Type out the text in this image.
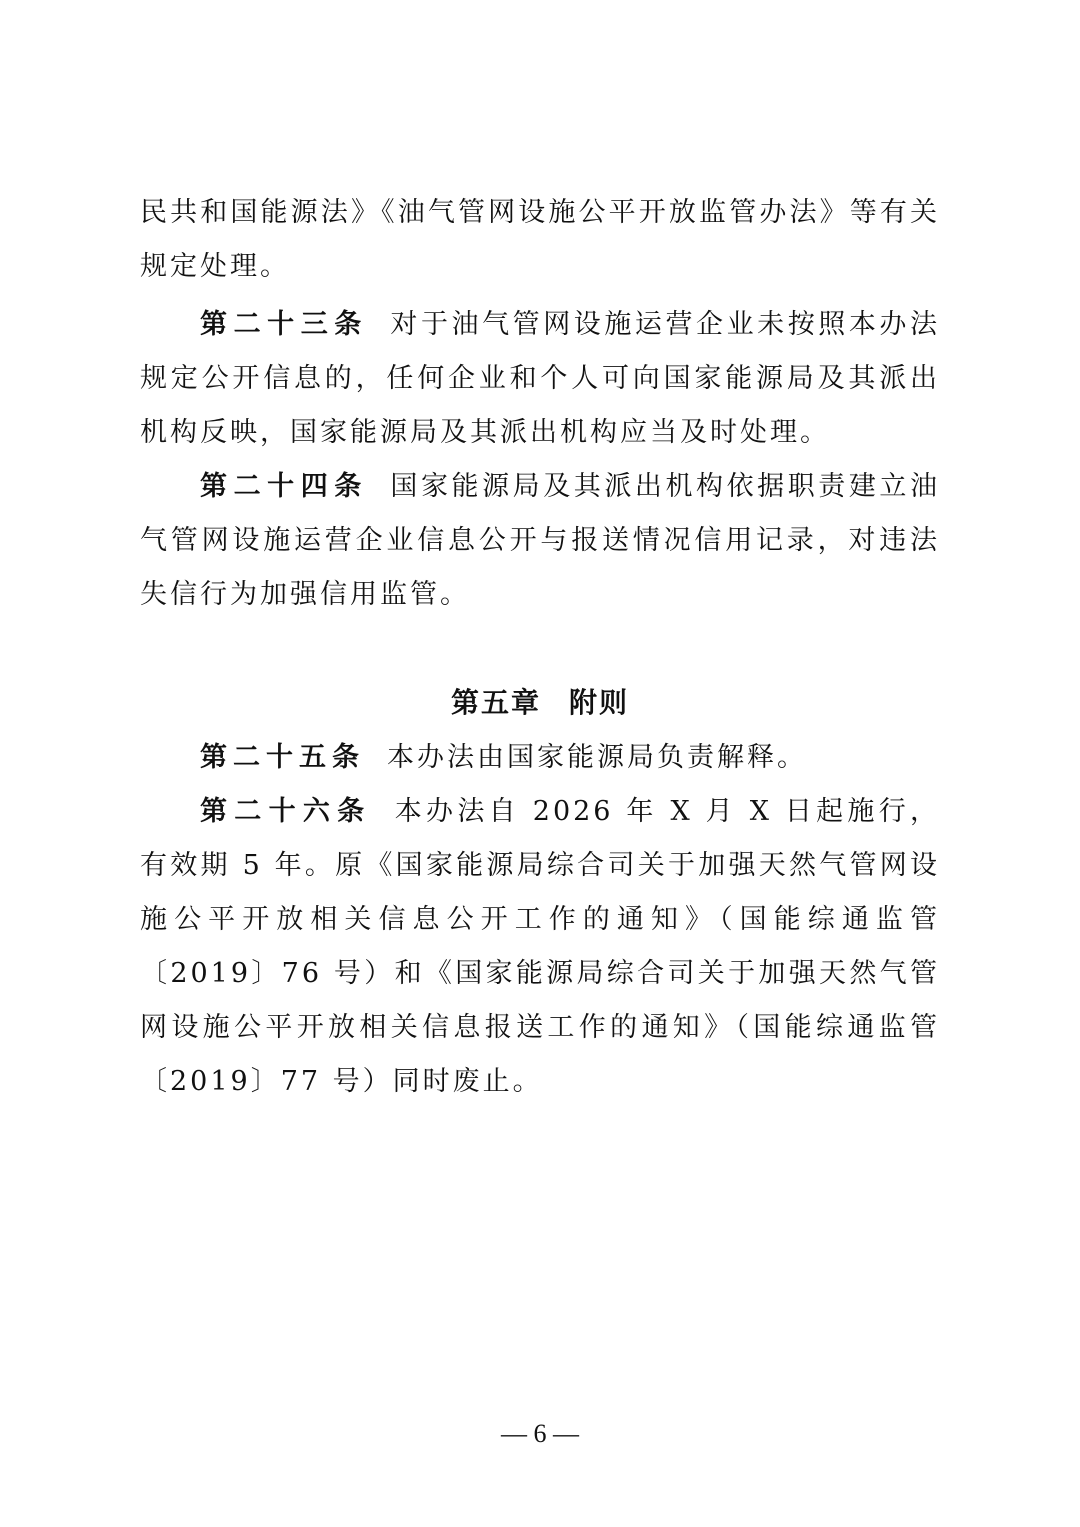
民共和国能源法》《油气管网设施公平开放监管办法》等有关规定处理。

第二十三条 对于油气管网设施运营企业未按照本办法规定公开信息的，任何企业和个人可向国家能源局及其派出机构反映，国家能源局及其派出机构应当及时处理。

第二十四条 国家能源局及其派出机构依据职责建立油气管网设施运营企业信息公开与报送情况信用记录，对违法失信行为加强信用监管。

第五章 附则

第二十五条 本办法由国家能源局负责解释。

第二十六条 本办法自 2026 年 X 月 X 日起施行，有效期 5 年。原《国家能源局综合司关于加强天然气管网设施公平开放相关信息公开工作的通知》（国能综通监管〔2019〕76 号）和《国家能源局综合司关于加强天然气管网设施公平开放相关信息报送工作的通知》（国能综通监管〔2019〕77 号）同时废止。

— 6 —
